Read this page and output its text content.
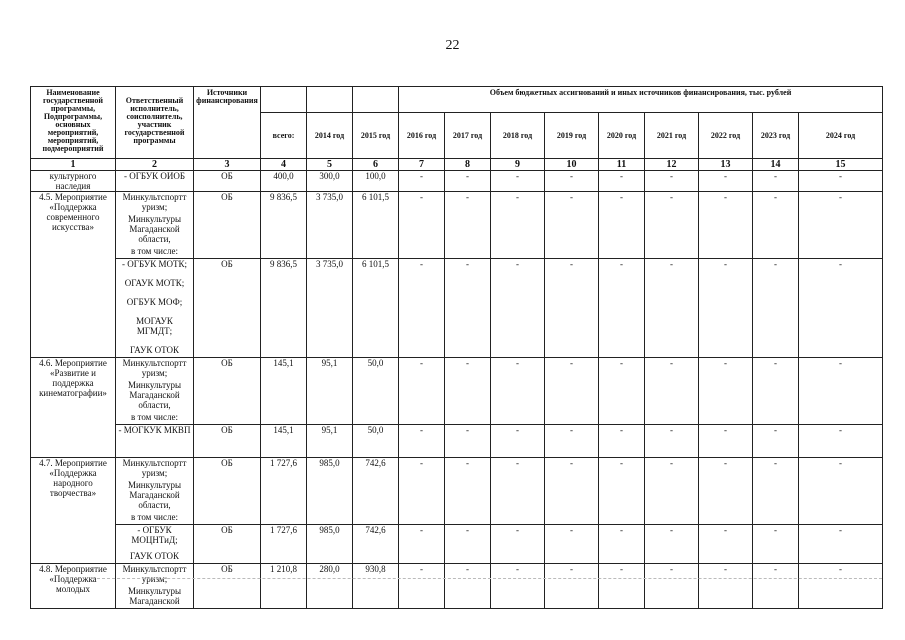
22
Наименование государственной программы, Подпрограммы, основных мероприятий, мероприятий, подмероприятий	Ответственный исполнитель, соисполнитель, участник государственной программы	Источники финансирования				Объем бюджетных ассигнований и иных источников финансирования, тыс. рублей								
			всего:	2014 год	2015 год	2016 год	2017 год	2018 год	2019 год	2020 год	2021 год	2022 год	2023 год	2024 год
1	2	3	4	5	6	7	8	9	10	11	12	13	14	15
культурного наследия	- ОГБУК ОИОБ	ОБ	400,0	300,0	100,0	-	-	-	-	-	-	-	-	-
4.5. Мероприятие «Поддержка современного искусства»	Минкультспортт уризм;
Минкультуры Магаданской области,
в том числе:	ОБ	9 836,5	3 735,0	6 101,5	-	-	-	-	-	-	-	-	-

	- ОГБУК МОТК;
ОГАУК МОТК;
ОГБУК МОФ;
МОГАУК МГМДТ;
ГАУК ОТОК	ОБ	9 836,5	3 735,0	6 101,5	-	-	-	-	-	-	-	-	-
4.6. Мероприятие «Развитие и поддержка кинематографии»	Минкультспортт уризм;
Минкультуры Магаданской области,
в том числе:	ОБ	145,1	95,1	50,0	-	-	-	-	-	-	-	-	-
	- МОГКУК МКВП	ОБ	145,1	95,1	50,0	-	-	-	-	-	-	-	-	-
4.7. Мероприятие «Поддержка народного творчества»	Минкультспортт уризм;
Минкультуры Магаданской области,
в том числе:	ОБ	1 727,6	985,0	742,6	-	-	-	-	-	-	-	-	-

	- ОГБУК МОЦНТиД;
ГАУК ОТОК	ОБ	1 727,6	985,0	742,6	-	-	-	-	-	-	-	-	-
4.8. Мероприятие «Поддержка молодых	Минкультспортт уризм;
Минкультуры Магаданской	ОБ	1 210,8	280,0	930,8	-	-	-	-	-	-	-	-	-
